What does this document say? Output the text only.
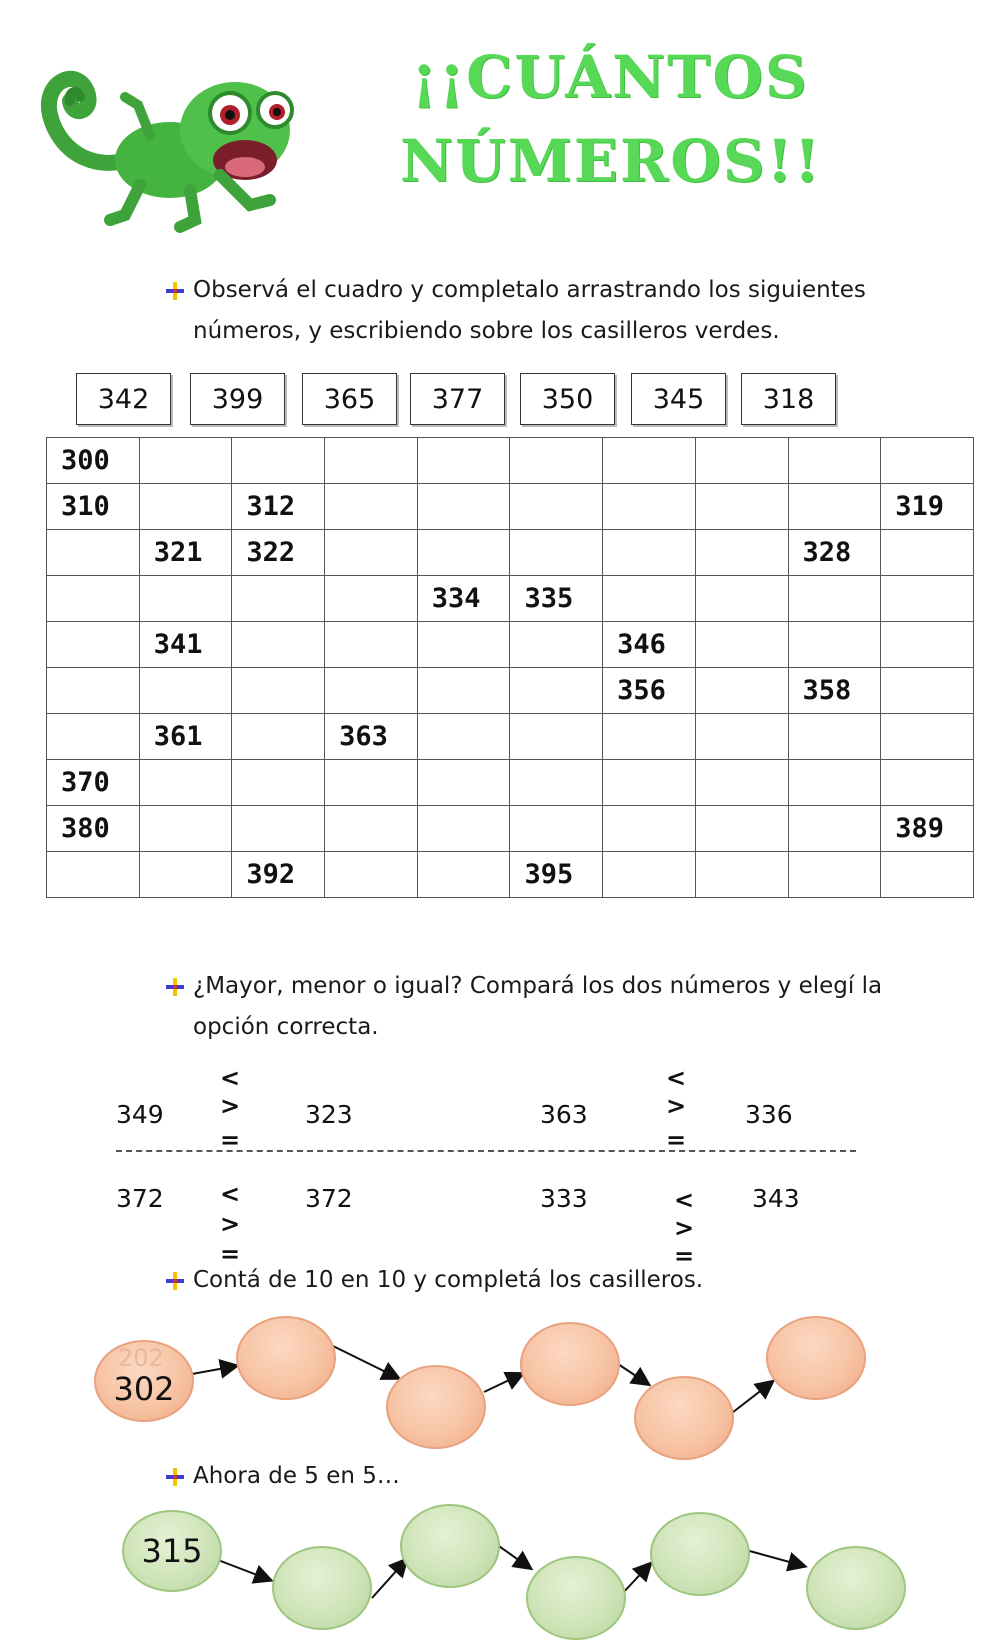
¡¡CUÁNTOS
NÚMEROS!!
Observá el cuadro y completalo arrastrando los siguientes
números, y escribiendo sobre los casilleros verdes.
342	399	365	377	350	345	318
300									
310		312							319
	321	322						328	
				334	335				
	341					346			
						356		358	
	361		363						
370									
380									389
		392			395				
¿Mayor, menor o igual? Compará los dos números y elegí la
opción correcta.
349
<
>
=
323	363
<
>
=
336
372 <
>
=
372	333	<
>
=
343
Contá de 10 en 10 y completá los casilleros.
202
302
Ahora de 5 en 5…
315
